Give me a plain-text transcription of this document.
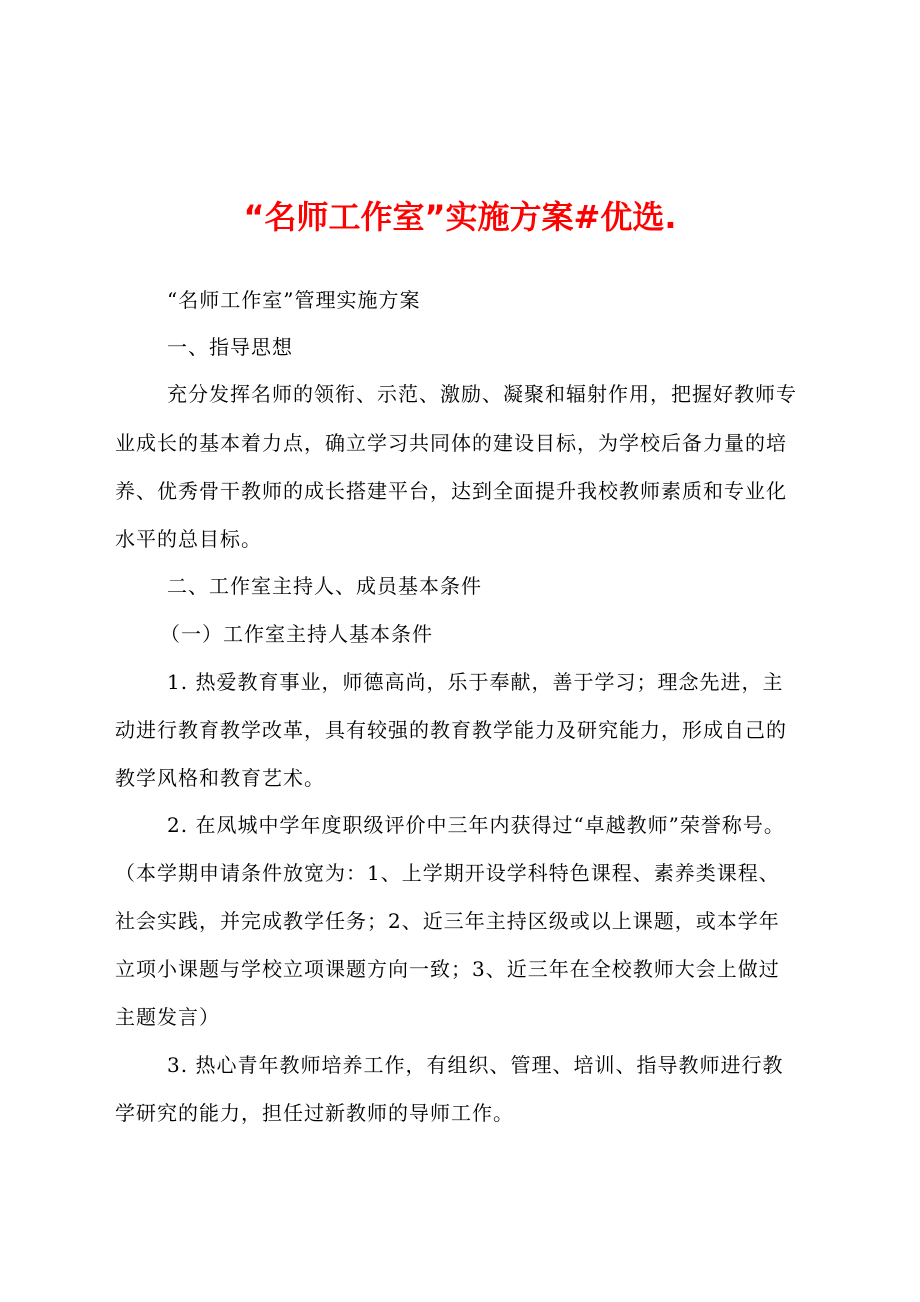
“名师工作室”实施方案#优选.
“名师工作室”管理实施方案
一、指导思想
充分发挥名师的领衔、示范、激励、凝聚和辐射作用，把握好教师专
业成长的基本着力点，确立学习共同体的建设目标，为学校后备力量的培
养、优秀骨干教师的成长搭建平台，达到全面提升我校教师素质和专业化
水平的总目标。
二、工作室主持人、成员基本条件
（一）工作室主持人基本条件
1. 热爱教育事业，师德高尚，乐于奉献，善于学习；理念先进，主
动进行教育教学改革，具有较强的教育教学能力及研究能力，形成自己的
教学风格和教育艺术。
2. 在凤城中学年度职级评价中三年内获得过“卓越教师”荣誉称号。
（本学期申请条件放宽为：1、上学期开设学科特色课程、素养类课程、
社会实践，并完成教学任务；2、近三年主持区级或以上课题，或本学年
立项小课题与学校立项课题方向一致；3、近三年在全校教师大会上做过
主题发言）
3. 热心青年教师培养工作，有组织、管理、培训、指导教师进行教
学研究的能力，担任过新教师的导师工作。
